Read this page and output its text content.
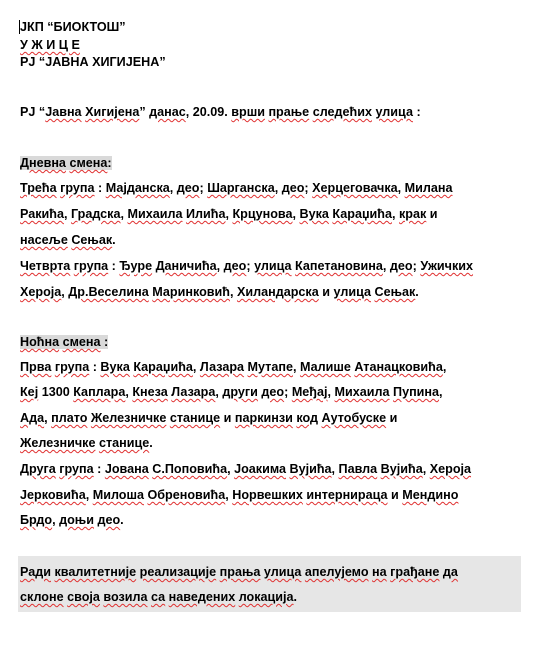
ЈКП “БИОКТОШ”
У Ж И Ц Е
РЈ “ЈАВНА ХИГИЈЕНА”
РЈ “Јавна Хигијена” данас, 20.09. врши прање следећих улица :
Дневна смена:
Трећа група : Мајданска, део; Шарганска, део; Херцеговачка, Милана
Ракића, Градска, Михаила Илића, Крцунова, Вука Караџића, крак и
насеље Сењак.
Четврта група : Ђуре Даничића, део; улица Капетановина, део; Ужичких
Хероја, Др.Веселина Маринковић, Хиландарска и улица Сењак.
Ноћна смена :
Прва група : Вука Караџића, Лазара Мутапе, Малише Атанацковића,
Кеј 1300 Каплара, Кнеза Лазара, други део; Међај, Михаила Пупина,
Ада, плато Железничке станице и паркинзи код Аутобуске и
Железничке станице.
Друга група : Јована С.Поповића, Јоакима Вујића, Павла Вујића, Хероја
Јерковића, Милоша Обреновића, Норвешких интернираца и Мендино
Брдо, доњи део.
Ради квалитетније реализације прања улица апелујемо на грађане да
склоне своја возила са наведених локација.
